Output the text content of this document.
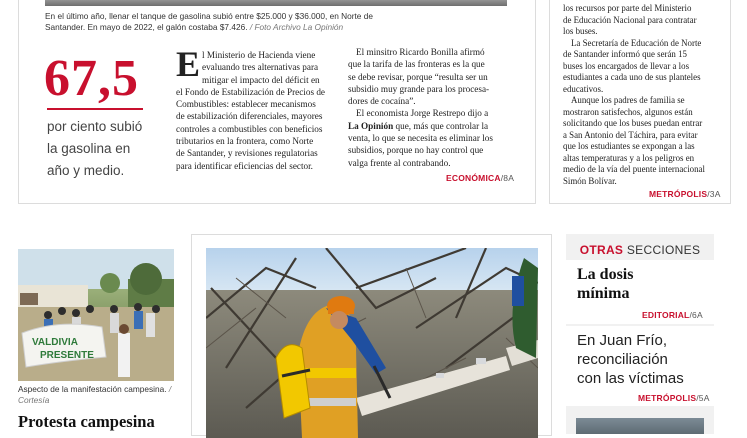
En el último año, llenar el tanque de gasolina subió entre $25.000 y $36.000, en Norte de Santander. En mayo de 2022, el galón costaba $7.426. / Foto Archivo La Opinión
67,5
por ciento subió
la gasolina en
año y medio.
E l Ministerio de Hacienda viene
evaluando tres alternativas para
mitigar el impacto del déficit en
el Fondo de Estabilización de Precios de
Combustibles: establecer mecanismos
de estabilización diferenciales, mayores
controles a combustibles con beneficios
tributarios en la frontera, como Norte
de Santander, y revisiones regulatorias
para identificar eficiencias del sector.
El minsitro Ricardo Bonilla afirmó
que la tarifa de las fronteras es la que
se debe revisar, porque “resulta ser un
subsidio muy grande para los procesa-
dores de cocaína”.
El economista Jorge Restrepo dijo a
La Opinión que, más que controlar la
venta, lo que se necesita es eliminar los
subsidios, porque no hay control que
valga frente al contrabando.
ECONÓMICA/8A
los recursos por parte del Ministerio
de Educación Nacional para contratar
los buses.
La Secretaría de Educación de Norte
de Santander informó que serán 15
buses los encargados de llevar a los
estudiantes a cada uno de sus planteles
educativos.
Aunque los padres de familia se
mostraron satisfechos, algunos están
solicitando que los buses puedan entrar
a San Antonio del Táchira, para evitar
que los estudiantes se expongan a las
altas temperaturas y a los peligros en
medio de la vía del puente internacional
Simón Bolívar.
METRÓPOLIS/3A
VALDIVIA
PRESENTE
Aspecto de la manifestación campesina. / Cortesía
Protesta campesina
OTRAS SECCIONES
La dosis
mínima
EDITORIAL/6A
En Juan Frío,
reconciliación
con las víctimas
METRÓPOLIS/5A
